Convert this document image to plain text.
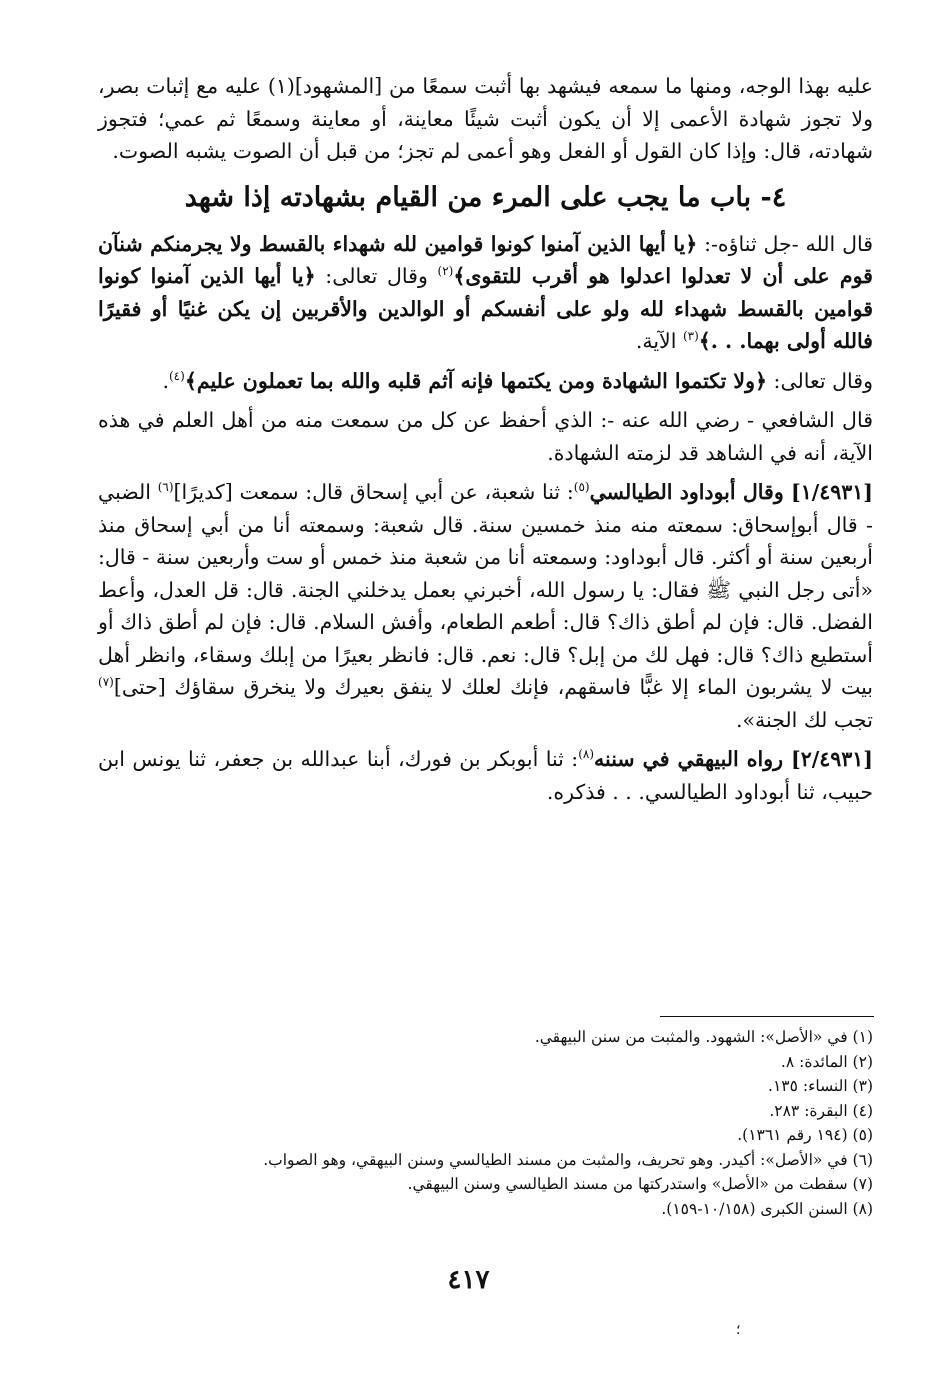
عليه بهذا الوجه، ومنها ما سمعه فيشهد بها أثبت سمعًا من [المشهود](١) عليه مع إثبات بصر، ولا تجوز شهادة الأعمى إلا أن يكون أثبت شيئًا معاينة، أو معاينة وسمعًا ثم عمي؛ فتجوز شهادته، قال: وإذا كان القول أو الفعل وهو أعمى لم تجز؛ من قبل أن الصوت يشبه الصوت.

٤- باب ما يجب على المرء من القيام بشهادته إذا شهد

قال الله -جل ثناؤه-: ﴿يا أيها الذين آمنوا كونوا قوامين لله شهداء بالقسط ولا يجرمنكم شنآن قوم على أن لا تعدلوا اعدلوا هو أقرب للتقوى﴾$^{(٢)}$ وقال تعالى: ﴿يا أيها الذين آمنوا كونوا قوامين بالقسط شهداء لله ولو على أنفسكم أو الوالدين والأقربين إن يكن غنيًا أو فقيرًا فالله أولى بهما. . .﴾$^{(٣)}$ الآية.

وقال تعالى: ﴿ولا تكتموا الشهادة ومن يكتمها فإنه آثم قلبه والله بما تعملون عليم﴾$^{(٤)}$.

قال الشافعي - رضي الله عنه -: الذي أحفظ عن كل من سمعت منه من أهل العلم في هذه الآية، أنه في الشاهد قد لزمته الشهادة.

[١/٤٩٣١] وقال أبوداود الطيالسي$^{(٥)}$: ثنا شعبة، عن أبي إسحاق قال: سمعت [كديرًا]$^{(٦)}$ الضبي - قال أبوإسحاق: سمعته منه منذ خمسين سنة. قال شعبة: وسمعته أنا من أبي إسحاق منذ أربعين سنة أو أكثر. قال أبوداود: وسمعته أنا من شعبة منذ خمس أو ست وأربعين سنة - قال: «أتى رجل النبي ﷺ فقال: يا رسول الله، أخبرني بعمل يدخلني الجنة. قال: قل العدل، وأعط الفضل. قال: فإن لم أطق ذاك؟ قال: أطعم الطعام، وأفش السلام. قال: فإن لم أطق ذاك أو أستطيع ذاك؟ قال: فهل لك من إبل؟ قال: نعم. قال: فانظر بعيرًا من إبلك وسقاء، وانظر أهل بيت لا يشربون الماء إلا غبًّا فاسقهم، فإنك لعلك لا ينفق بعيرك ولا ينخرق سقاؤك [حتى]$^{(٧)}$ تجب لك الجنة».

[٢/٤٩٣١] رواه البيهقي في سننه$^{(٨)}$: ثنا أبوبكر بن فورك، أبنا عبدالله بن جعفر، ثنا يونس ابن حبيب، ثنا أبوداود الطيالسي. . . فذكره.

(١) في «الأصل»: الشهود. والمثبت من سنن البيهقي.
(٢) المائدة: ٨.
(٣) النساء: ١٣٥.
(٤) البقرة: ٢٨٣.
(٥) (١٩٤ رقم ١٣٦١).
(٦) في «الأصل»: أكيدر. وهو تحريف، والمثبت من مسند الطيالسي وسنن البيهقي، وهو الصواب.
(٧) سقطت من «الأصل» واستدركتها من مسند الطيالسي وسنن البيهقي.
(٨) السنن الكبرى (١٠/١٥٨-١٥٩).
٤١٧
؛
